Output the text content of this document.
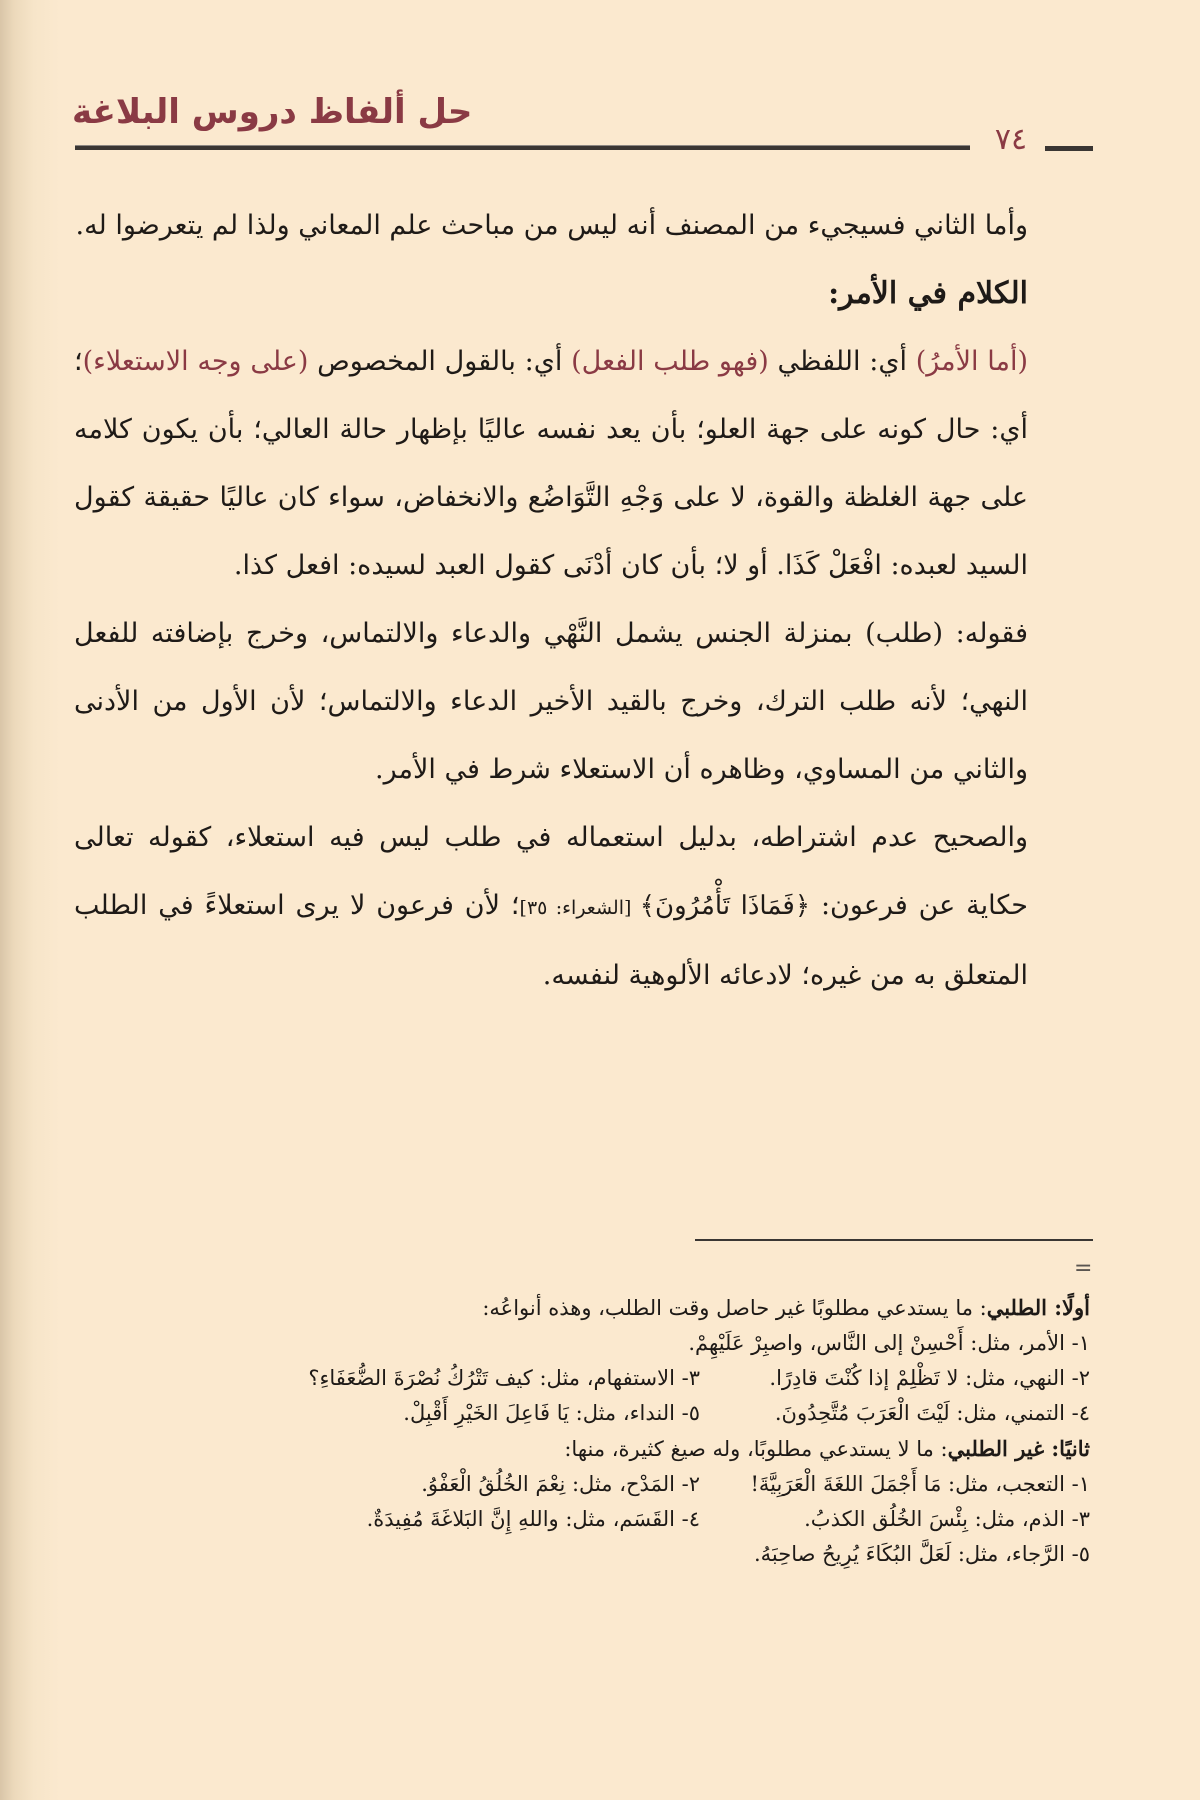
حل ألفاظ دروس البلاغة
٧٤

وأما الثاني فسيجيء من المصنف أنه ليس من مباحث علم المعاني ولذا لم يتعرضوا له.

الكلام في الأمر:

(أما الأمرُ) أي: اللفظي (فهو طلب الفعل) أي: بالقول المخصوص (على وجه الاستعلاء)؛ أي: حال كونه على جهة العلو؛ بأن يعد نفسه عاليًا بإظهار حالة العالي؛ بأن يكون كلامه على جهة الغلظة والقوة، لا على وَجْهِ التَّوَاضُع والانخفاض، سواء كان عاليًا حقيقة كقول السيد لعبده: افْعَلْ كَذَا. أو لا؛ بأن كان أدْنَى كقول العبد لسيده: افعل كذا.

فقوله: (طلب) بمنزلة الجنس يشمل النَّهْي والدعاء والالتماس، وخرج بإضافته للفعل النهي؛ لأنه طلب الترك، وخرج بالقيد الأخير الدعاء والالتماس؛ لأن الأول من الأدنى والثاني من المساوي، وظاهره أن الاستعلاء شرط في الأمر.

والصحيح عدم اشتراطه، بدليل استعماله في طلب ليس فيه استعلاء، كقوله تعالى حكاية عن فرعون: ﴿فَمَاذَا تَأْمُرُونَ﴾ [الشعراء: ٣٥]؛ لأن فرعون لا يرى استعلاءً في الطلب المتعلق به من غيره؛ لادعائه الألوهية لنفسه.

=
أولًا: الطلبي: ما يستدعي مطلوبًا غير حاصل وقت الطلب، وهذه أنواعُه:
١- الأمر، مثل: أَحْسِنْ إلى النَّاس، واصبِرْ عَلَيْهِمْ.
٢- النهي، مثل: لا تَظْلِمْ إذا كُنْتَ قادِرًا.
٣- الاستفهام، مثل: كيف تَتْرُكُ نُصْرَةَ الضُّعَفَاءِ؟
٤- التمني، مثل: لَيْتَ الْعَرَبَ مُتَّحِدُونَ.
٥- النداء، مثل: يَا فَاعِلَ الخَيْرِ أَقْبِلْ.
ثانيًا: غير الطلبي: ما لا يستدعي مطلوبًا، وله صيغ كثيرة، منها:
١- التعجب، مثل: مَا أَجْمَلَ اللغَةَ الْعَرَبِيَّةَ!
٢- المَدْح، مثل: نِعْمَ الخُلُقُ الْعَفْوُ.
٣- الذم، مثل: بِئْسَ الخُلُق الكذبُ.
٤- القَسَم، مثل: واللهِ إِنَّ البَلاغَةَ مُفِيدَةٌ.
٥- الرَّجاء، مثل: لَعَلَّ البُكَاءَ يُرِيحُ صاحِبَهُ.
